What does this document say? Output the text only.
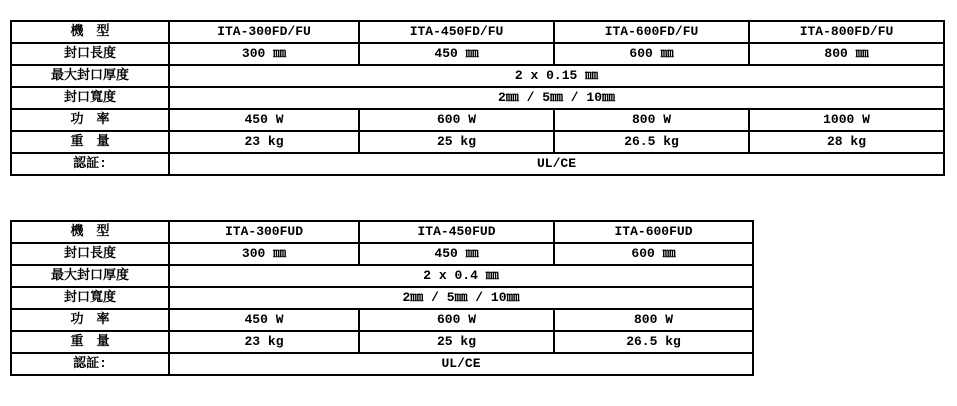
機　型	ITA-300FD/FU	ITA-450FD/FU	ITA-600FD/FU	ITA-800FD/FU
封口長度	300 ㎜	450 ㎜	600 ㎜	800 ㎜
最大封口厚度	2 x 0.15 ㎜			
封口寬度	2㎜ / 5㎜ / 10㎜			
功　率	450 W	600 W	800 W	1000 W
重　量	23 kg	25 kg	26.5 kg	28 kg
認証:	UL/CE			
機　型	ITA-300FUD	ITA-450FUD	ITA-600FUD
封口長度	300 ㎜	450 ㎜	600 ㎜
最大封口厚度	2 x 0.4 ㎜		
封口寬度	2㎜ / 5㎜ / 10㎜		
功　率	450 W	600 W	800 W
重　量	23 kg	25 kg	26.5 kg
認証:	UL/CE		
